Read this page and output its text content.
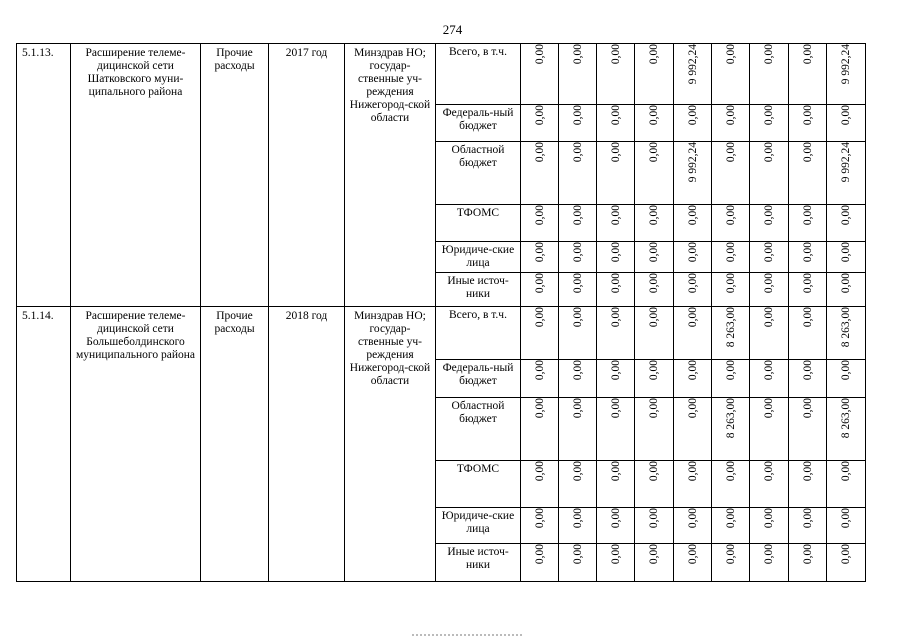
274
5.1.13.	Расширение телеме-дицинской сети Шатковского муни-ципального района	Прочие расходы	2017 год	Минздрав НО; государ-ственные уч-реждения Нижегород-ской области	Всего, в т.ч.	0,00	0,00	0,00	0,00	9 992,24	0,00	0,00	0,00	9 992,24

					Федераль-ный бюджет	0,00	0,00	0,00	0,00	0,00	0,00	0,00	0,00	0,00

					Областной бюджет	0,00	0,00	0,00	0,00	9 992,24	0,00	0,00	0,00	9 992,24

					ТФОМС	0,00	0,00	0,00	0,00	0,00	0,00	0,00	0,00	0,00

					Юридиче-ские лица	0,00	0,00	0,00	0,00	0,00	0,00	0,00	0,00	0,00

					Иные источ-ники	0,00	0,00	0,00	0,00	0,00	0,00	0,00	0,00	0,00

5.1.14.	Расширение телеме-дицинской сети Большеболдинского муниципального района	Прочие расходы	2018 год	Минздрав НО; государ-ственные уч-реждения Нижегород-ской области	Всего, в т.ч.	0,00	0,00	0,00	0,00	0,00	8 263,00	0,00	0,00	8 263,00

					Федераль-ный бюджет	0,00	0,00	0,00	0,00	0,00	0,00	0,00	0,00	0,00

					Областной бюджет	0,00	0,00	0,00	0,00	0,00	8 263,00	0,00	0,00	8 263,00

					ТФОМС	0,00	0,00	0,00	0,00	0,00	0,00	0,00	0,00	0,00

					Юридиче-ские лица	0,00	0,00	0,00	0,00	0,00	0,00	0,00	0,00	0,00

					Иные источ-ники	0,00	0,00	0,00	0,00	0,00	0,00	0,00	0,00	0,00
